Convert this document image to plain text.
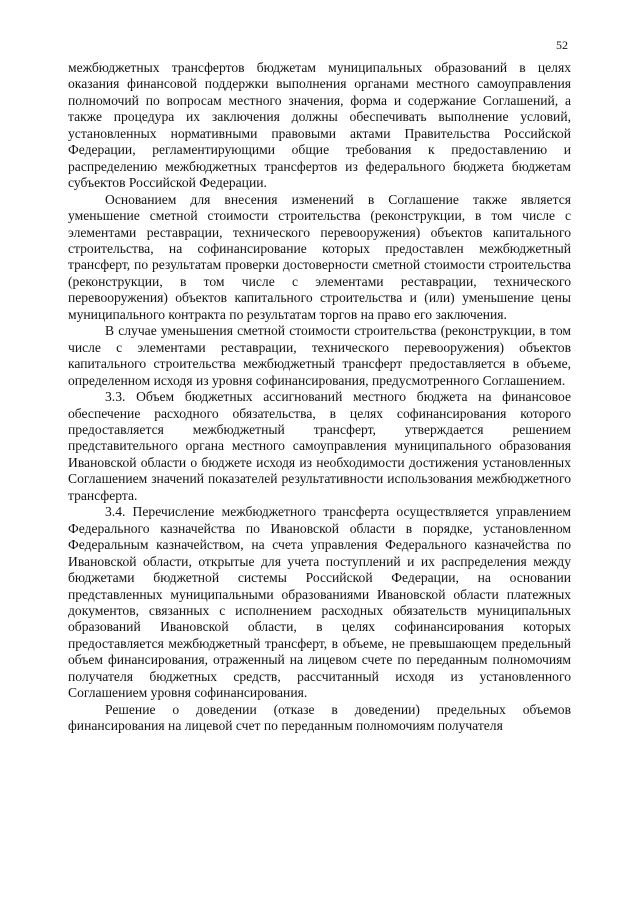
52

межбюджетных трансфертов бюджетам муниципальных образований в целях оказания финансовой поддержки выполнения органами местного самоуправления полномочий по вопросам местного значения, форма и содержание Соглашений, а также процедура их заключения должны обеспечивать выполнение условий, установленных нормативными правовыми актами Правительства Российской Федерации, регламентирующими общие требования к предоставлению и распределению межбюджетных трансфертов из федерального бюджета бюджетам субъектов Российской Федерации.

Основанием для внесения изменений в Соглашение также является уменьшение сметной стоимости строительства (реконструкции, в том числе с элементами реставрации, технического перевооружения) объектов капитального строительства, на софинансирование которых предоставлен межбюджетный трансферт, по результатам проверки достоверности сметной стоимости строительства (реконструкции, в том числе с элементами реставрации, технического перевооружения) объектов капитального строительства и (или) уменьшение цены муниципального контракта по результатам торгов на право его заключения.

В случае уменьшения сметной стоимости строительства (реконструкции, в том числе с элементами реставрации, технического перевооружения) объектов капитального строительства межбюджетный трансферт предоставляется в объеме, определенном исходя из уровня софинансирования, предусмотренного Соглашением.

3.3. Объем бюджетных ассигнований местного бюджета на финансовое обеспечение расходного обязательства, в целях софинансирования которого предоставляется межбюджетный трансферт, утверждается решением представительного органа местного самоуправления муниципального образования Ивановской области о бюджете исходя из необходимости достижения установленных Соглашением значений показателей результативности использования межбюджетного трансферта.

3.4. Перечисление межбюджетного трансферта осуществляется управлением Федерального казначейства по Ивановской области в порядке, установленном Федеральным казначейством, на счета управления Федерального казначейства по Ивановской области, открытые для учета поступлений и их распределения между бюджетами бюджетной системы Российской Федерации, на основании представленных муниципальными образованиями Ивановской области платежных документов, связанных с исполнением расходных обязательств муниципальных образований Ивановской области, в целях софинансирования которых предоставляется межбюджетный трансферт, в объеме, не превышающем предельный объем финансирования, отраженный на лицевом счете по переданным полномочиям получателя бюджетных средств, рассчитанный исходя из установленного Соглашением уровня софинансирования.

Решение о доведении (отказе в доведении) предельных объемов финансирования на лицевой счет по переданным полномочиям получателя
